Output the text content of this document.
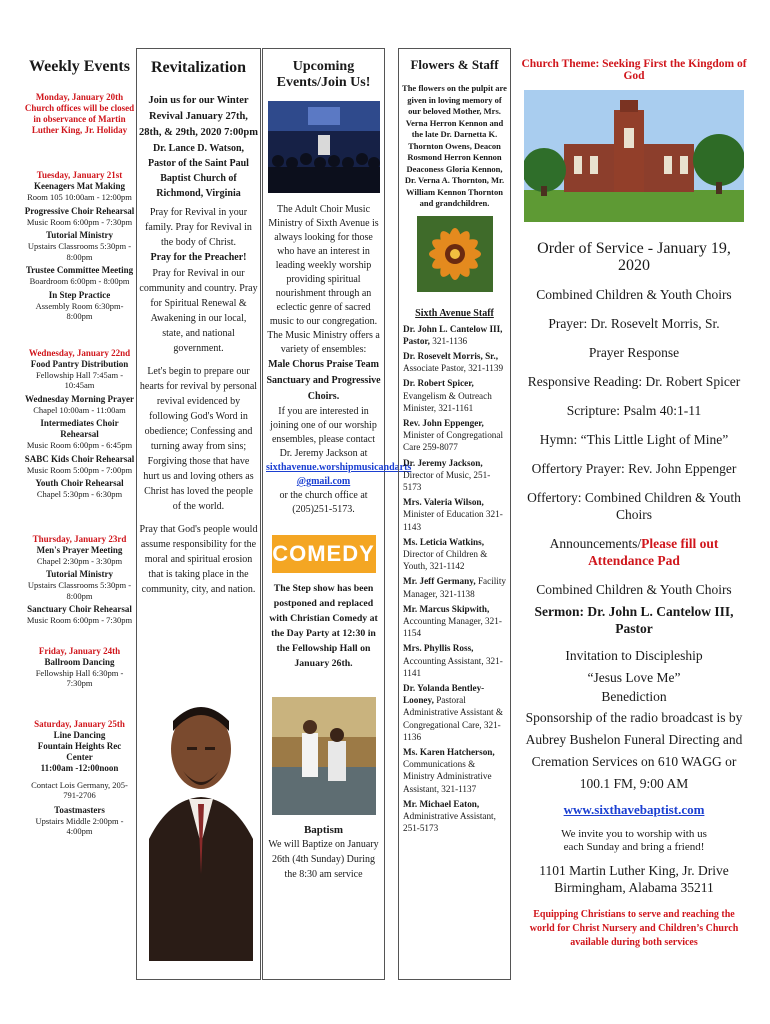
Weekly Events
Monday, January 20th
Church offices will be closed in observance of Martin Luther King, Jr. Holiday
Tuesday, January 21st
Keenagers Mat Making
Room 105 10:00am - 12:00pm
Progressive Choir Rehearsal
Music Room 6:00pm - 7:30pm
Tutorial Ministry
Upstairs Classrooms 5:30pm - 8:00pm
Trustee Committee Meeting
Boardroom 6:00pm - 8:00pm
In Step Practice
Assembly Room 6:30pm-8:00pm
Wednesday, January 22nd
Food Pantry Distribution
Fellowship Hall 7:45am - 10:45am
Wednesday Morning Prayer
Chapel 10:00am - 11:00am
Intermediates Choir Rehearsal
Music Room 6:00pm - 6:45pm
SABC Kids Choir Rehearsal
Music Room 5:00pm - 7:00pm
Youth Choir Rehearsal
Chapel 5:30pm - 6:30pm
Thursday, January 23rd
Men's Prayer Meeting
Chapel 2:30pm - 3:30pm
Tutorial Ministry
Upstairs Classrooms 5:30pm - 8:00pm
Sanctuary Choir Rehearsal
Music Room 6:00pm - 7:30pm
Friday, January 24th
Ballroom Dancing
Fellowship Hall 6:30pm - 7:30pm
Saturday, January 25th
Line Dancing
Fountain Heights Rec Center
11:00am -12:00noon
Contact Lois Germany, 205-791-2706
Toastmasters
Upstairs Middle 2:00pm - 4:00pm
Revitalization
Join us for our Winter Revival January 27th, 28th, & 29th, 2020 7:00pm
Dr. Lance D. Watson, Pastor of the Saint Paul Baptist Church of Richmond, Virginia
Pray for Revival in your family. Pray for Revival in the body of Christ.
Pray for the Preacher!
Pray for Revival in our community and country. Pray for Spiritual Renewal & Awakening in our local, state, and national government.
Let's begin to prepare our hearts for revival by personal revival evidenced by following God's Word in obedience; Confessing and turning away from sins; Forgiving those that have hurt us and loving others as Christ has loved the people of the world.
Pray that God's people would assume responsibility for the moral and spiritual erosion that is taking place in the community, city, and nation.
Upcoming Events/Join Us!
The Adult Choir Music Ministry of Sixth Avenue is always looking for those who have an interest in leading weekly worship providing spiritual nourishment through an eclectic genre of sacred music to our congregation. The Music Ministry offers a variety of ensembles:
Male Chorus Praise Team Sanctuary and Progressive Choirs.
If you are interested in joining one of our worship ensembles, please contact Dr. Jeremy Jackson at
sixthavenue.worshipmusicandarts @gmail.com
or the church office at (205)251-5173.
COMEDY
The Step show has been postponed and replaced with Christian Comedy at the Day Party at 12:30 in the Fellowship Hall on January 26th.
Baptism
We will Baptize on January 26th (4th Sunday) During the 8:30 am service
Flowers & Staff
The flowers on the pulpit are given in loving memory of our beloved Mother, Mrs. Verna Herron Kennon and the late Dr. Darnetta K. Thornton Owens, Deacon Rosmond Herron Kennon Deaconess Gloria Kennon, Dr. Verna A. Thornton, Mr. William Kennon Thornton and grandchildren.
Sixth Avenue Staff
Dr. John L. Cantelow III, Pastor, 321-1136
Dr. Rosevelt Morris, Sr., Associate Pastor, 321-1139
Dr. Robert Spicer, Evangelism & Outreach Minister, 321-1161
Rev. John Eppenger, Minister of Congregational Care 259-8077
Dr. Jeremy Jackson, Director of Music, 251-5173
Mrs. Valeria Wilson, Minister of Education 321-1143
Ms. Leticia Watkins, Director of Children & Youth, 321-1142
Mr. Jeff Germany, Facility Manager, 321-1138
Mr. Marcus Skipwith, Accounting Manager, 321-1154
Mrs. Phyllis Ross, Accounting Assistant, 321-1141
Dr. Yolanda Bentley-Looney, Pastoral Administrative Assistant & Congregational Care, 321-1136
Ms. Karen Hatcherson, Communications & Ministry Administrative Assistant, 321-1137
Mr. Michael Eaton, Administrative Assistant, 251-5173
Church Theme: Seeking First the Kingdom of God
Order of Service - January 19, 2020
Combined Children & Youth Choirs
Prayer: Dr. Rosevelt Morris, Sr.
Prayer Response
Responsive Reading: Dr. Robert Spicer
Scripture: Psalm 40:1-11
Hymn: “This Little Light of Mine”
Offertory Prayer: Rev. John Eppenger
Offertory: Combined Children & Youth Choirs
Announcements/Please fill out Attendance Pad
Combined Children & Youth Choirs
Sermon: Dr. John L. Cantelow III, Pastor
Invitation to Discipleship
“Jesus Love Me”
Benediction
Sponsorship of the radio broadcast is by Aubrey Bushelon Funeral Directing and Cremation Services on 610 WAGG or 100.1 FM, 9:00 AM
www.sixthavebaptist.com
We invite you to worship with us each Sunday and bring a friend!
1101 Martin Luther King, Jr. Drive
Birmingham, Alabama 35211
Equipping Christians to serve and reaching the world for Christ Nursery and Children’s Church available during both services
